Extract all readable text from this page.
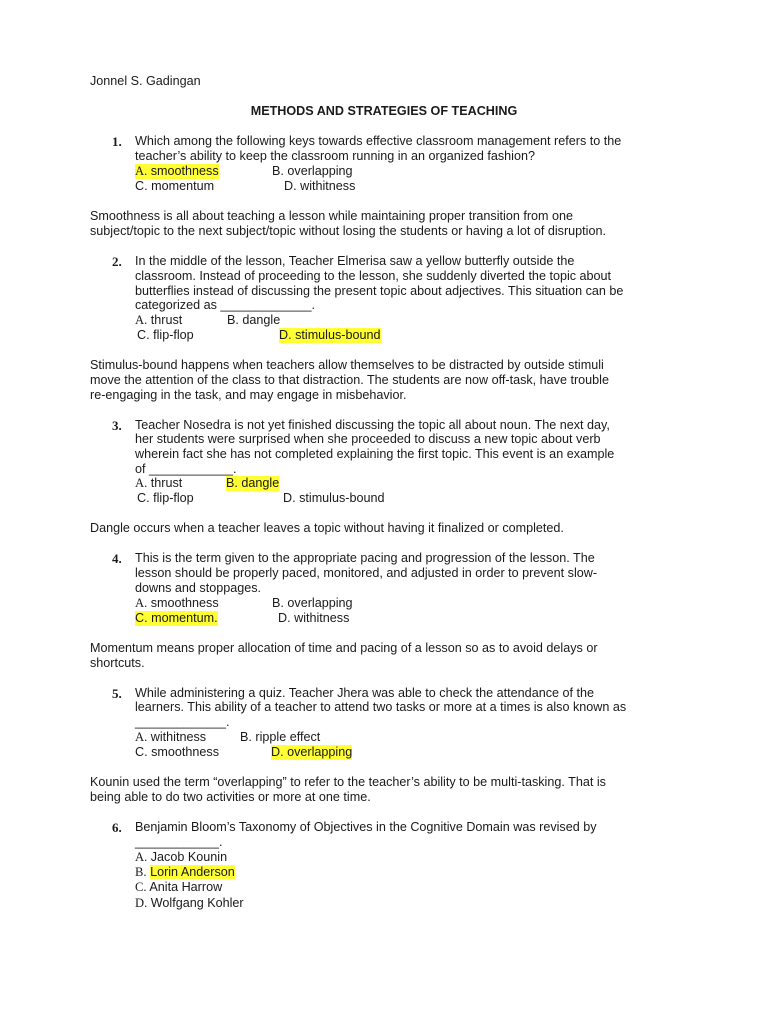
Jonnel S. Gadingan
METHODS AND STRATEGIES OF TEACHING
1. Which among the following keys towards effective classroom management refers to the
teacher’s ability to keep the classroom running in an organized fashion?
A. smoothness	B. overlapping
C. momentum	D. withitness
Smoothness is all about teaching a lesson while maintaining proper transition from one
subject/topic to the next subject/topic without losing the students or having a lot of disruption.
2. In the middle of the lesson, Teacher Elmerisa saw a yellow butterfly outside the
classroom. Instead of proceeding to the lesson, she suddenly diverted the topic about
butterflies instead of discussing the present topic about adjectives. This situation can be
categorized as _____________.
A. thrust	B. dangle
C. flip-flop	D. stimulus-bound
Stimulus-bound happens when teachers allow themselves to be distracted by outside stimuli
move the attention of the class to that distraction. The students are now off-task, have trouble
re-engaging in the task, and may engage in misbehavior.
3. Teacher Nosedra is not yet finished discussing the topic all about noun. The next day,
her students were surprised when she proceeded to discuss a new topic about verb
wherein fact she has not completed explaining the first topic. This event is an example
of ____________.
A. thrust	B. dangle
C. flip-flop	D. stimulus-bound
Dangle occurs when a teacher leaves a topic without having it finalized or completed.
4. This is the term given to the appropriate pacing and progression of the lesson. The
lesson should be properly paced, monitored, and adjusted in order to prevent slow-
downs and stoppages.
A. smoothness	B. overlapping
C. momentum.	D. withitness
Momentum means proper allocation of time and pacing of a lesson so as to avoid delays or
shortcuts.
5. While administering a quiz. Teacher Jhera was able to check the attendance of the
learners. This ability of a teacher to attend two tasks or more at a times is also known as
_____________.
A. withitness	B. ripple effect
C. smoothness	D. overlapping
Kounin used the term “overlapping” to refer to the teacher’s ability to be multi-tasking. That is
being able to do two activities or more at one time.
6. Benjamin Bloom’s Taxonomy of Objectives in the Cognitive Domain was revised by
____________.
A. Jacob Kounin
B. Lorin Anderson
C. Anita Harrow
D. Wolfgang Kohler
